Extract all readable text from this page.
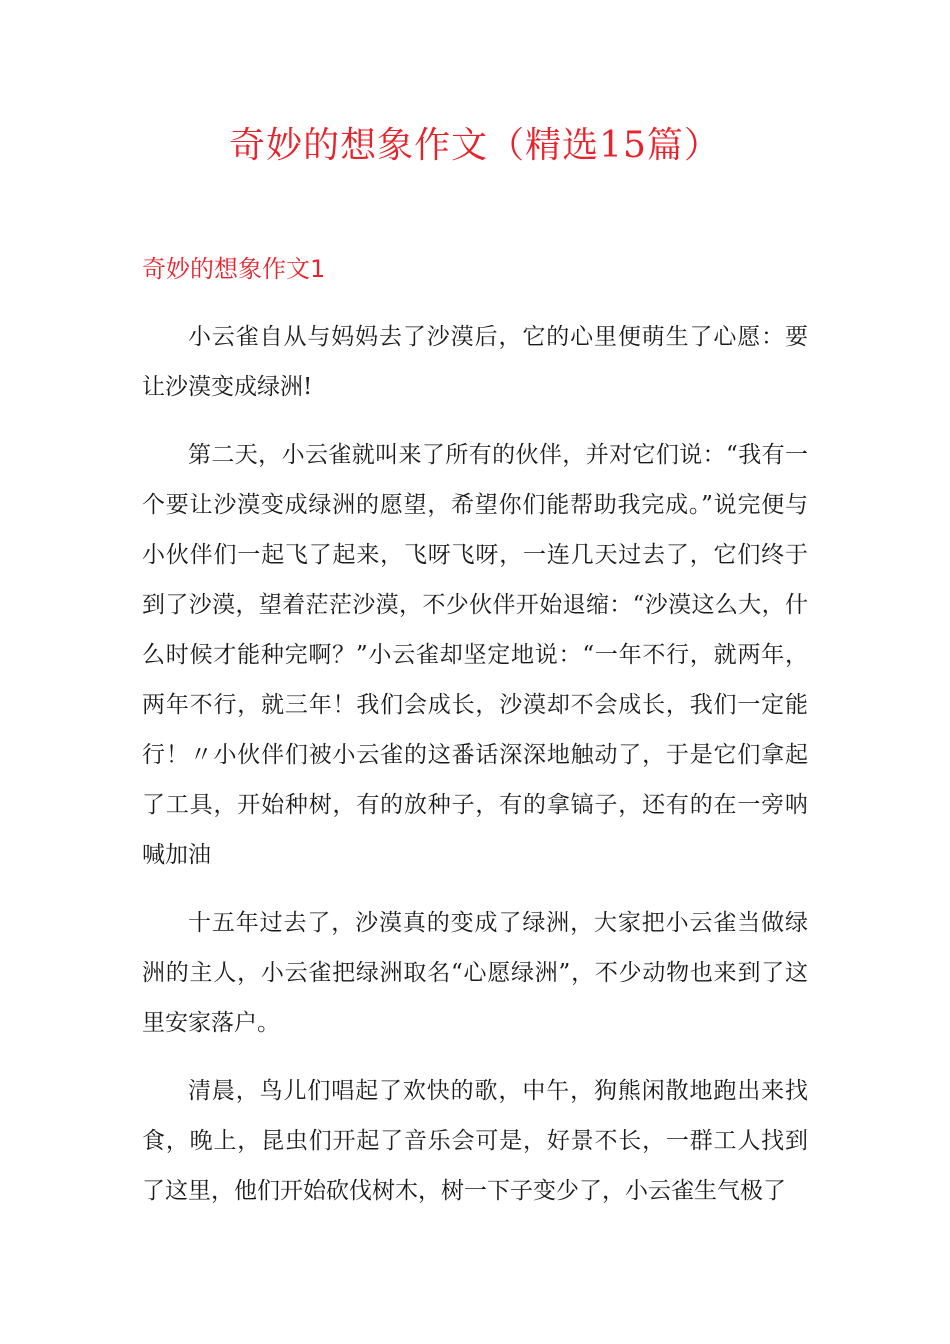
奇妙的想象作文（精选15篇）
奇妙的想象作文1

小云雀自从与妈妈去了沙漠后，它的心里便萌生了心愿：要让沙漠变成绿洲!

第二天，小云雀就叫来了所有的伙伴，并对它们说：“我有一个要让沙漠变成绿洲的愿望，希望你们能帮助我完成。”说完便与小伙伴们一起飞了起来，飞呀飞呀，一连几天过去了，它们终于到了沙漠，望着茫茫沙漠，不少伙伴开始退缩：“沙漠这么大，什么时候才能种完啊？”小云雀却坚定地说：“一年不行，就两年，两年不行，就三年！我们会成长，沙漠却不会成长，我们一定能行！〃小伙伴们被小云雀的这番话深深地触动了，于是它们拿起了工具，开始种树，有的放种子，有的拿镐子，还有的在一旁呐喊加油

十五年过去了，沙漠真的变成了绿洲，大家把小云雀当做绿洲的主人，小云雀把绿洲取名“心愿绿洲”，不少动物也来到了这里安家落户。

清晨，鸟儿们唱起了欢快的歌，中午，狗熊闲散地跑出来找食，晚上，昆虫们开起了音乐会可是，好景不长，一群工人找到了这里，他们开始砍伐树木，树一下子变少了，小云雀生气极了
